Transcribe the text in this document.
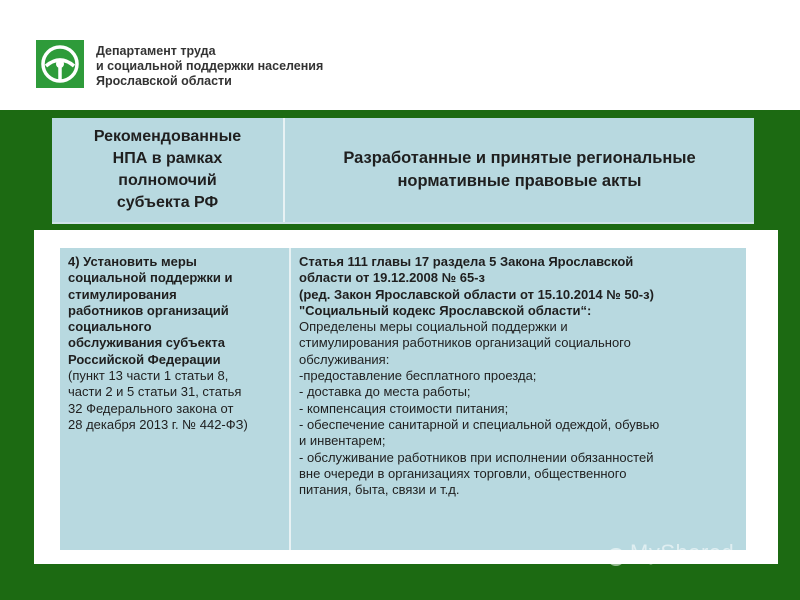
Департамент труда
и социальной поддержки населения
Ярославской области
Рекомендованные
НПА в рамках
полномочий
субъекта РФ
Разработанные и принятые региональные
нормативные правовые акты
4) Установить меры
социальной поддержки и
стимулирования
работников организаций
социального
обслуживания субъекта
Российской Федерации
(пункт 13 части 1 статьи 8,
части 2 и 5 статьи 31, статья
32 Федерального закона от
28 декабря 2013 г. № 442-ФЗ)
Статья 111 главы 17 раздела 5 Закона Ярославской
области от 19.12.2008 № 65-з
(ред. Закон Ярославской области от 15.10.2014 № 50-з)
"Социальный кодекс Ярославской области“:
Определены меры социальной поддержки и
стимулирования работников организаций социального
обслуживания:
-предоставление бесплатного проезда;
- доставка до места работы;
- компенсация стоимости питания;
- обеспечение санитарной и специальной одеждой, обувью
и инвентарем;
- обслуживание работников при исполнении обязанностей
вне очереди в организациях торговли, общественного
питания, быта, связи и т.д.
MyShared
